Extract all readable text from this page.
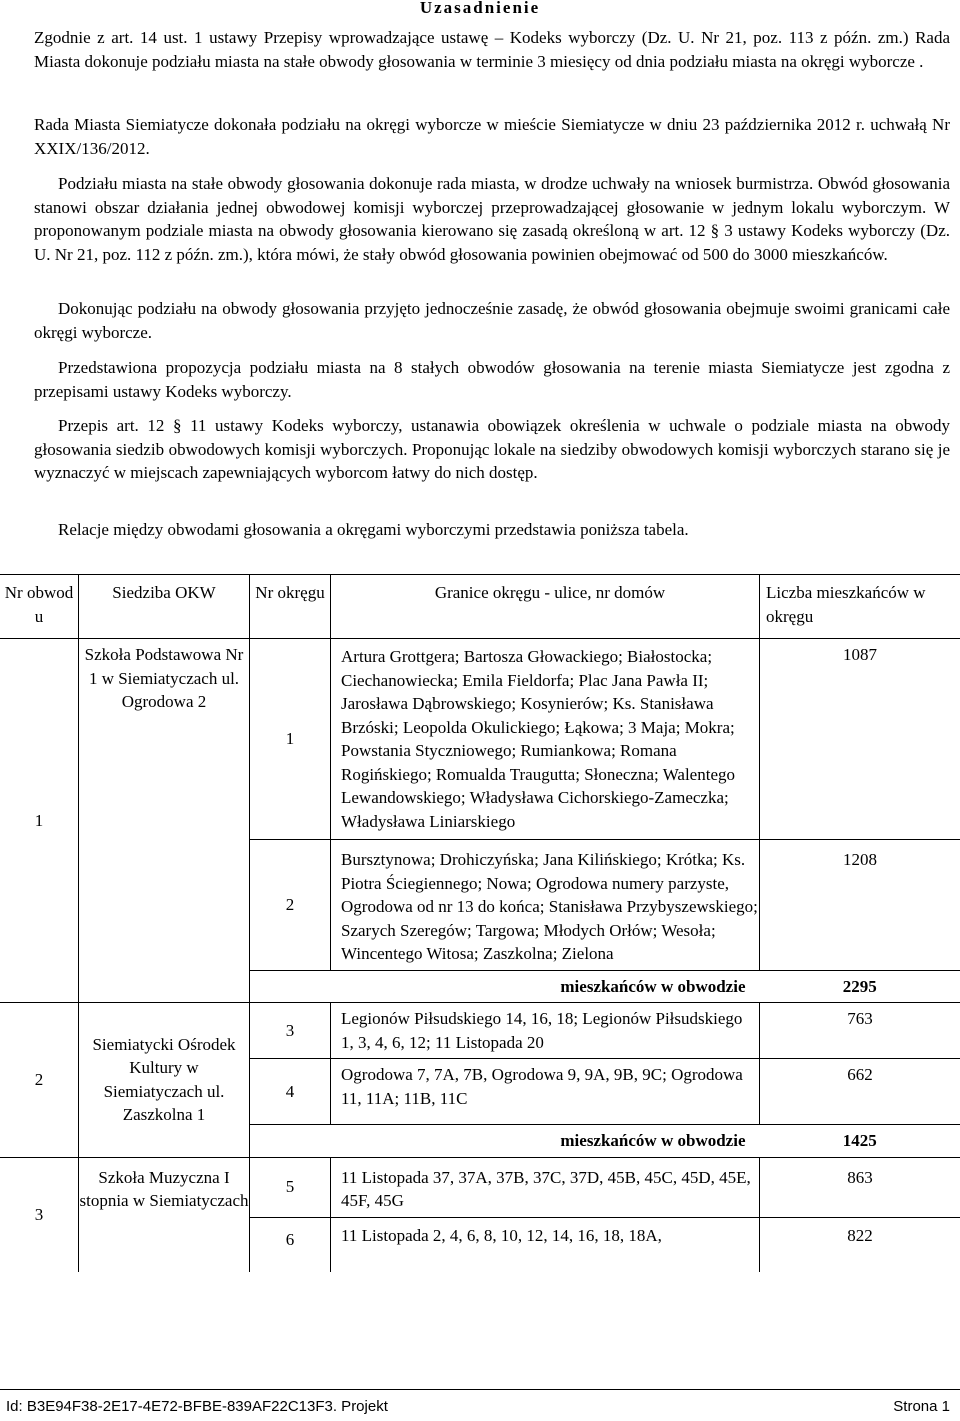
Uzasadnienie

Zgodnie z art. 14 ust. 1 ustawy Przepisy wprowadzające ustawę – Kodeks wyborczy (Dz. U. Nr 21, poz. 113 z późn. zm.) Rada Miasta dokonuje podziału miasta na stałe obwody głosowania w terminie 3 miesięcy od dnia podziału miasta na okręgi wyborcze .

Rada Miasta Siemiatycze dokonała podziału na okręgi wyborcze w mieście Siemiatycze w dniu 23 października 2012 r. uchwałą Nr XXIX/136/2012.

Podziału miasta na stałe obwody głosowania dokonuje rada miasta, w drodze uchwały na wniosek burmistrza. Obwód głosowania stanowi obszar działania jednej obwodowej komisji wyborczej przeprowadzającej głosowanie w jednym lokalu wyborczym. W proponowanym podziale miasta na obwody głosowania kierowano się zasadą określoną w art. 12 § 3 ustawy Kodeks wyborczy (Dz. U. Nr 21, poz. 112 z późn. zm.), która mówi, że stały obwód głosowania powinien obejmować od 500 do 3000 mieszkańców.

Dokonując podziału na obwody głosowania przyjęto jednocześnie zasadę, że obwód głosowania obejmuje swoimi granicami całe okręgi wyborcze.

Przedstawiona propozycja podziału miasta na 8 stałych obwodów głosowania na terenie miasta Siemiatycze jest zgodna z przepisami ustawy Kodeks wyborczy.

Przepis art. 12 § 11 ustawy Kodeks wyborczy, ustanawia obowiązek określenia w uchwale o podziale miasta na obwody głosowania siedzib obwodowych komisji wyborczych. Proponując lokale na siedziby obwodowych komisji wyborczych starano się je wyznaczyć w miejscach zapewniających wyborcom łatwy do nich dostęp.

Relacje między obwodami głosowania a okręgami wyborczymi przedstawia poniższa tabela.

Nr obwod u	Siedziba OKW	Nr okręgu	Granice okręgu - ulice, nr domów	Liczba mieszkańców w okręgu
1	Szkoła Podstawowa Nr 1 w Siemiatyczach ul. Ogrodowa 2	1	Artura Grottgera; Bartosza Głowackiego; Białostocka; Ciechanowiecka; Emila Fieldorfa; Plac Jana Pawła II; Jarosława Dąbrowskiego; Kosynierów; Ks. Stanisława Brzóski; Leopolda Okulickiego; Łąkowa; 3 Maja; Mokra; Powstania Styczniowego; Rumiankowa; Romana Rogińskiego; Romualda Traugutta; Słoneczna; Walentego Lewandowskiego; Władysława Cichorskiego-Zameczka; Władysława Liniarskiego	1087
		2	Bursztynowa; Drohiczyńska; Jana Kilińskiego; Krótka; Ks. Piotra Ściegiennego; Nowa; Ogrodowa numery parzyste, Ogrodowa od nr 13 do końca; Stanisława Przybyszewskiego; Szarych Szeregów; Targowa; Młodych Orłów; Wesoła; Wincentego Witosa; Zaszkolna; Zielona	1208
		mieszkańców w obwodzie		2295
2	Siemiatycki Ośrodek Kultury w Siemiatyczach ul. Zaszkolna 1	3	Legionów Piłsudskiego 14, 16, 18; Legionów Piłsudskiego 1, 3, 4, 6, 12; 11 Listopada 20	763
		4	Ogrodowa 7, 7A, 7B, Ogrodowa 9, 9A, 9B, 9C; Ogrodowa 11, 11A; 11B, 11C	662
		mieszkańców w obwodzie		1425
3	Szkoła Muzyczna I stopnia w Siemiatyczach	5	11 Listopada 37, 37A, 37B, 37C, 37D, 45B, 45C, 45D, 45E, 45F, 45G	863
		6	11 Listopada 2, 4, 6, 8, 10, 12, 14, 16, 18, 18A,	822
Id: B3E94F38-2E17-4E72-BFBE-839AF22C13F3. Projekt	Strona 1
